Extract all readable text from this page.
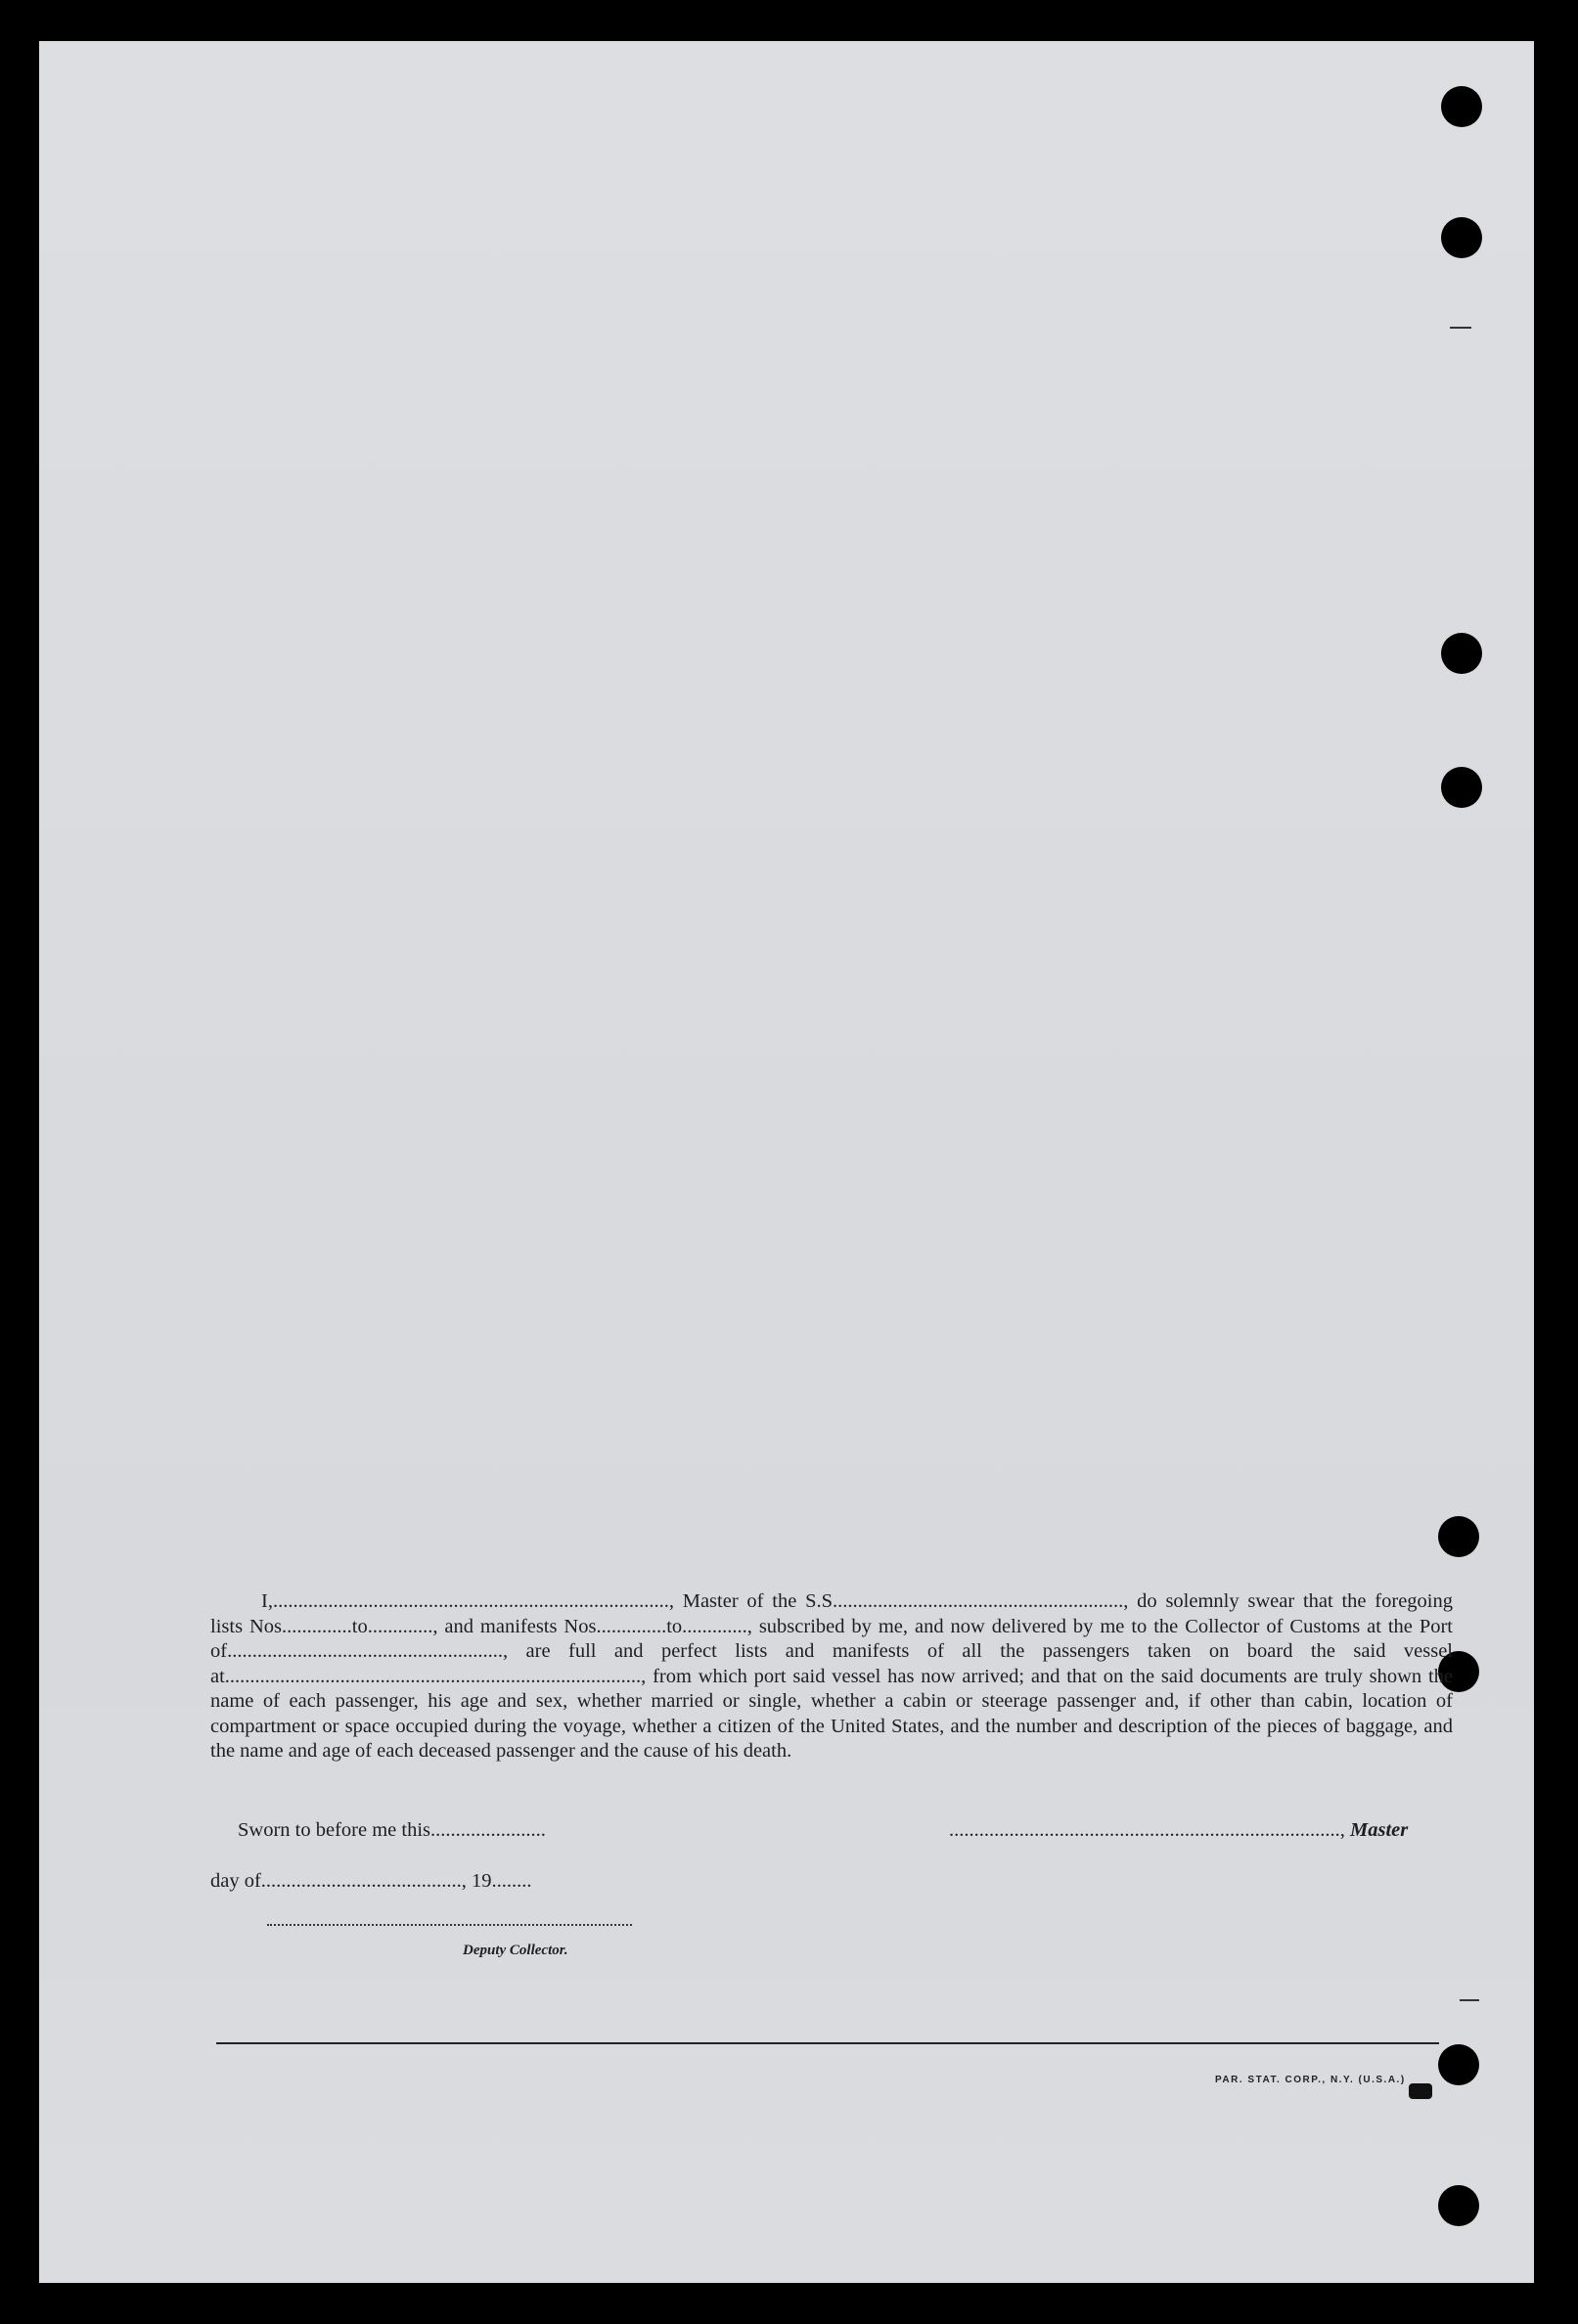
I,..............................................................................., Master of the S.S.........................................................., do solemnly swear that the foregoing lists Nos..............to............., and manifests Nos..............to............., subscribed by me, and now delivered by me to the Collector of Customs at the Port of......................................................., are full and perfect lists and manifests of all the passengers taken on board the said vessel at..................................................................................., from which port said vessel has now arrived; and that on the said documents are truly shown the name of each passenger, his age and sex, whether married or single, whether a cabin or steerage passenger and, if other than cabin, location of compartment or space occupied during the voyage, whether a citizen of the United States, and the number and description of the pieces of baggage, and the name and age of each deceased passenger and the cause of his death.

Sworn to before me this.......................
day of........................................, 19........
.............................................................................., Master
Deputy Collector.
PAR. STAT. CORP., N.Y. (U.S.A.)
